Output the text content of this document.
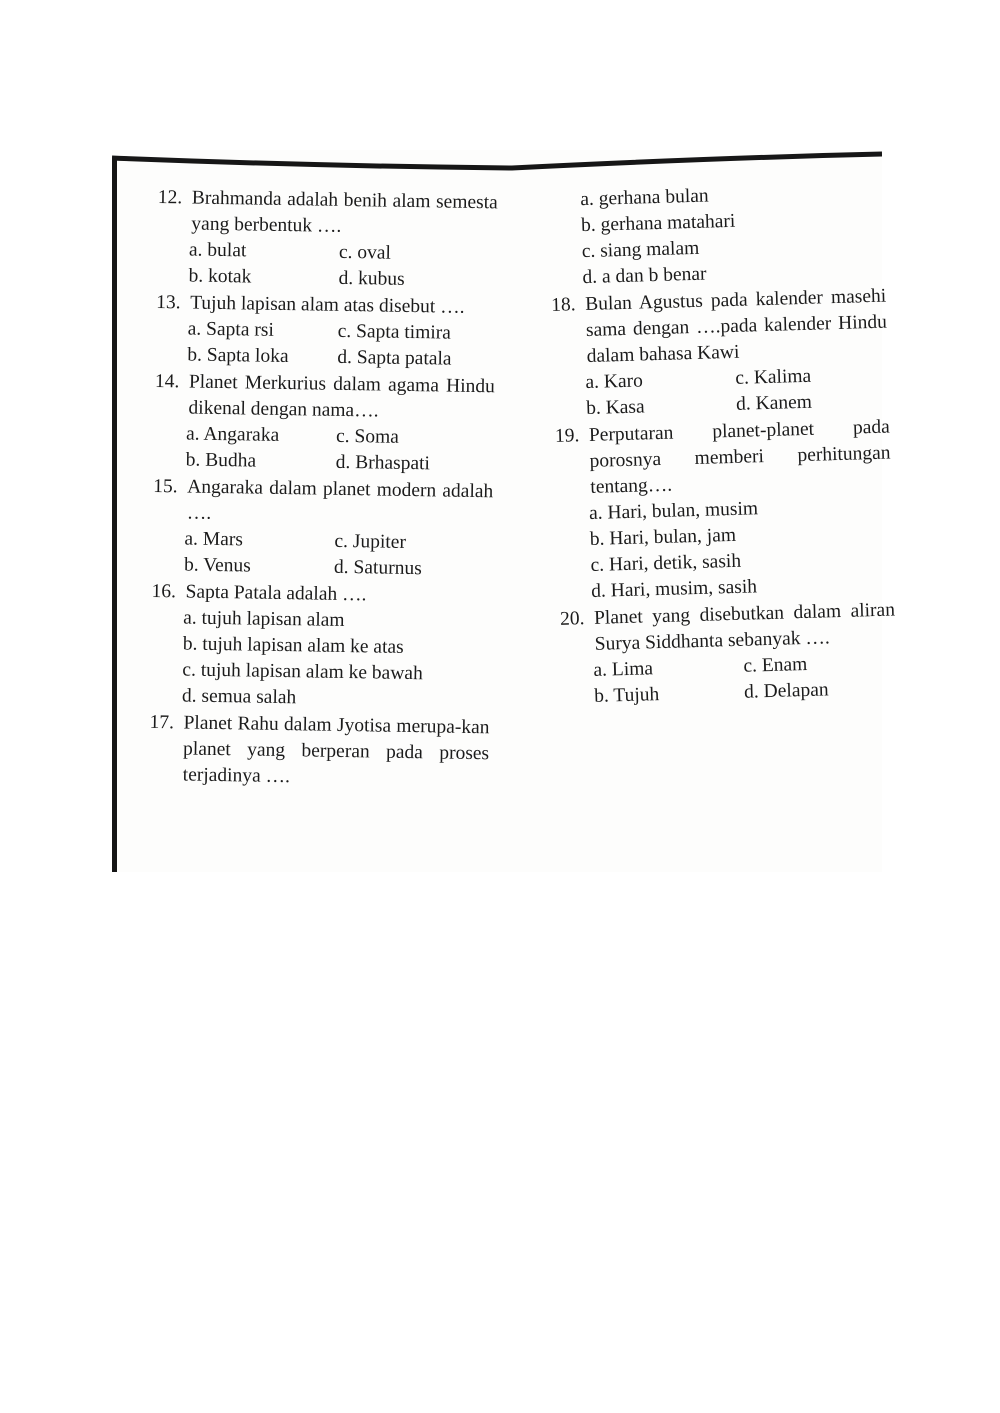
12. Brahmanda adalah benih alam semesta yang berbentuk ….
a. bulat	c. oval
b. kotak	d. kubus
13. Tujuh lapisan alam atas disebut ….
a. Sapta rsi	c. Sapta timira
b. Sapta loka	d. Sapta patala
14. Planet Merkurius dalam agama Hindu dikenal dengan nama….
a. Angaraka	c. Soma
b. Budha	d. Brhaspati
15. Angaraka dalam planet modern adalah ….
a. Mars	c. Jupiter
b. Venus	d. Saturnus
16. Sapta Patala adalah ….
a. tujuh lapisan alam
b. tujuh lapisan alam ke atas
c. tujuh lapisan alam ke bawah
d. semua salah
17. Planet Rahu dalam Jyotisa merupa-kan planet yang berperan pada proses terjadinya ….
a. gerhana bulan
b. gerhana matahari
c. siang malam
d. a dan b benar
18. Bulan Agustus pada kalender masehi sama dengan ….pada kalender Hindu dalam bahasa Kawi
a. Karo	c. Kalima
b. Kasa	d. Kanem
19. Perputaran planet-planet pada porosnya memberi perhitungan tentang….
a. Hari, bulan, musim
b. Hari, bulan, jam
c. Hari, detik, sasih
d. Hari, musim, sasih
20. Planet yang disebutkan dalam aliran Surya Siddhanta sebanyak ….
a. Lima	c. Enam
b. Tujuh	d. Delapan
